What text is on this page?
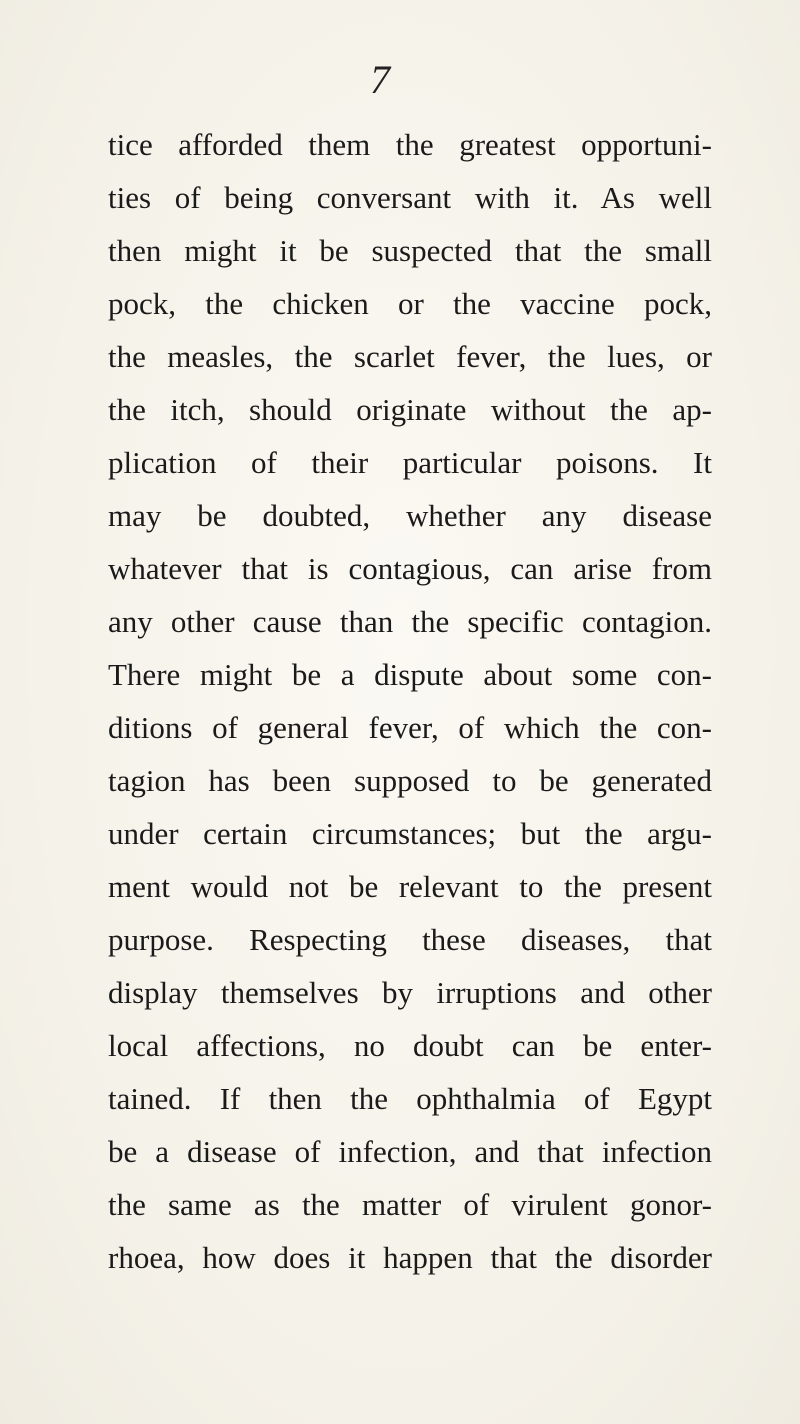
7
tice afforded them the greatest opportuni-
ties of being conversant with it. As well
then might it be suspected that the small
pock, the chicken or the vaccine pock,
the measles, the scarlet fever, the lues, or
the itch, should originate without the ap-
plication of their particular poisons. It
may be doubted, whether any disease
whatever that is contagious, can arise from
any other cause than the specific contagion.
There might be a dispute about some con-
ditions of general fever, of which the con-
tagion has been supposed to be generated
under certain circumstances; but the argu-
ment would not be relevant to the present
purpose. Respecting these diseases, that
display themselves by irruptions and other
local affections, no doubt can be enter-
tained. If then the ophthalmia of Egypt
be a disease of infection, and that infection
the same as the matter of virulent gonor-
rhoea, how does it happen that the disorder
